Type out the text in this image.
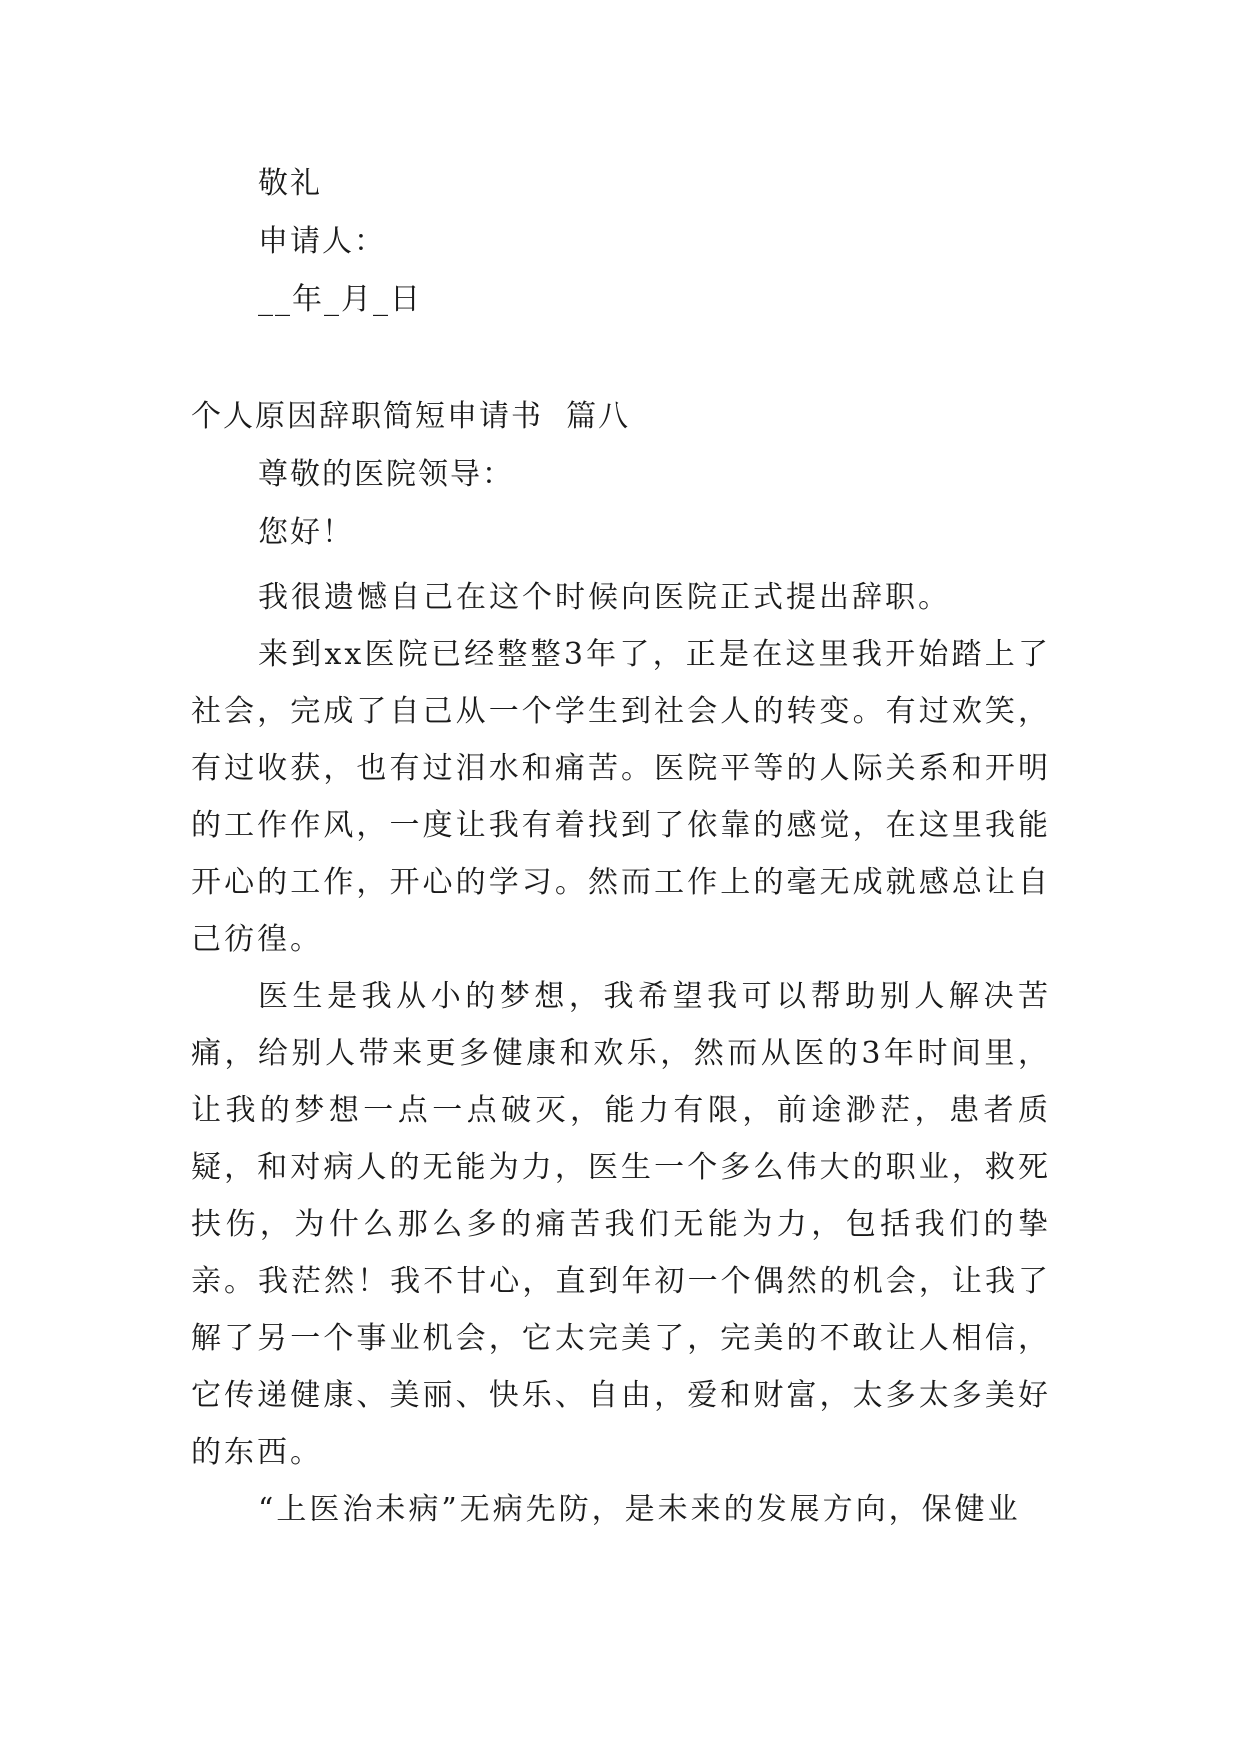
敬礼
申请人：
__年_月_日
个人原因辞职简短申请书  篇八
尊敬的医院领导：
您好！

我很遗憾自己在这个时候向医院正式提出辞职。

来到xx医院已经整整3年了，正是在这里我开始踏上了社会，完成了自己从一个学生到社会人的转变。有过欢笑，有过收获，也有过泪水和痛苦。医院平等的人际关系和开明的工作作风，一度让我有着找到了依靠的感觉，在这里我能开心的工作，开心的学习。然而工作上的毫无成就感总让自己彷徨。

医生是我从小的梦想，我希望我可以帮助别人解决苦痛，给别人带来更多健康和欢乐，然而从医的3年时间里，让我的梦想一点一点破灭，能力有限，前途渺茫，患者质疑，和对病人的无能为力，医生一个多么伟大的职业，救死扶伤，为什么那么多的痛苦我们无能为力，包括我们的挚亲。 我茫然！我不甘心，直到年初一个偶然的机会，让我了解了另一个事业机会，它太完美了，完美的不敢让人相信，它传递健康、美丽、快乐、自由，爱和财富，太多太多美好的东西。

“上医治未病”无病先防，是未来的发展方向，保健业
